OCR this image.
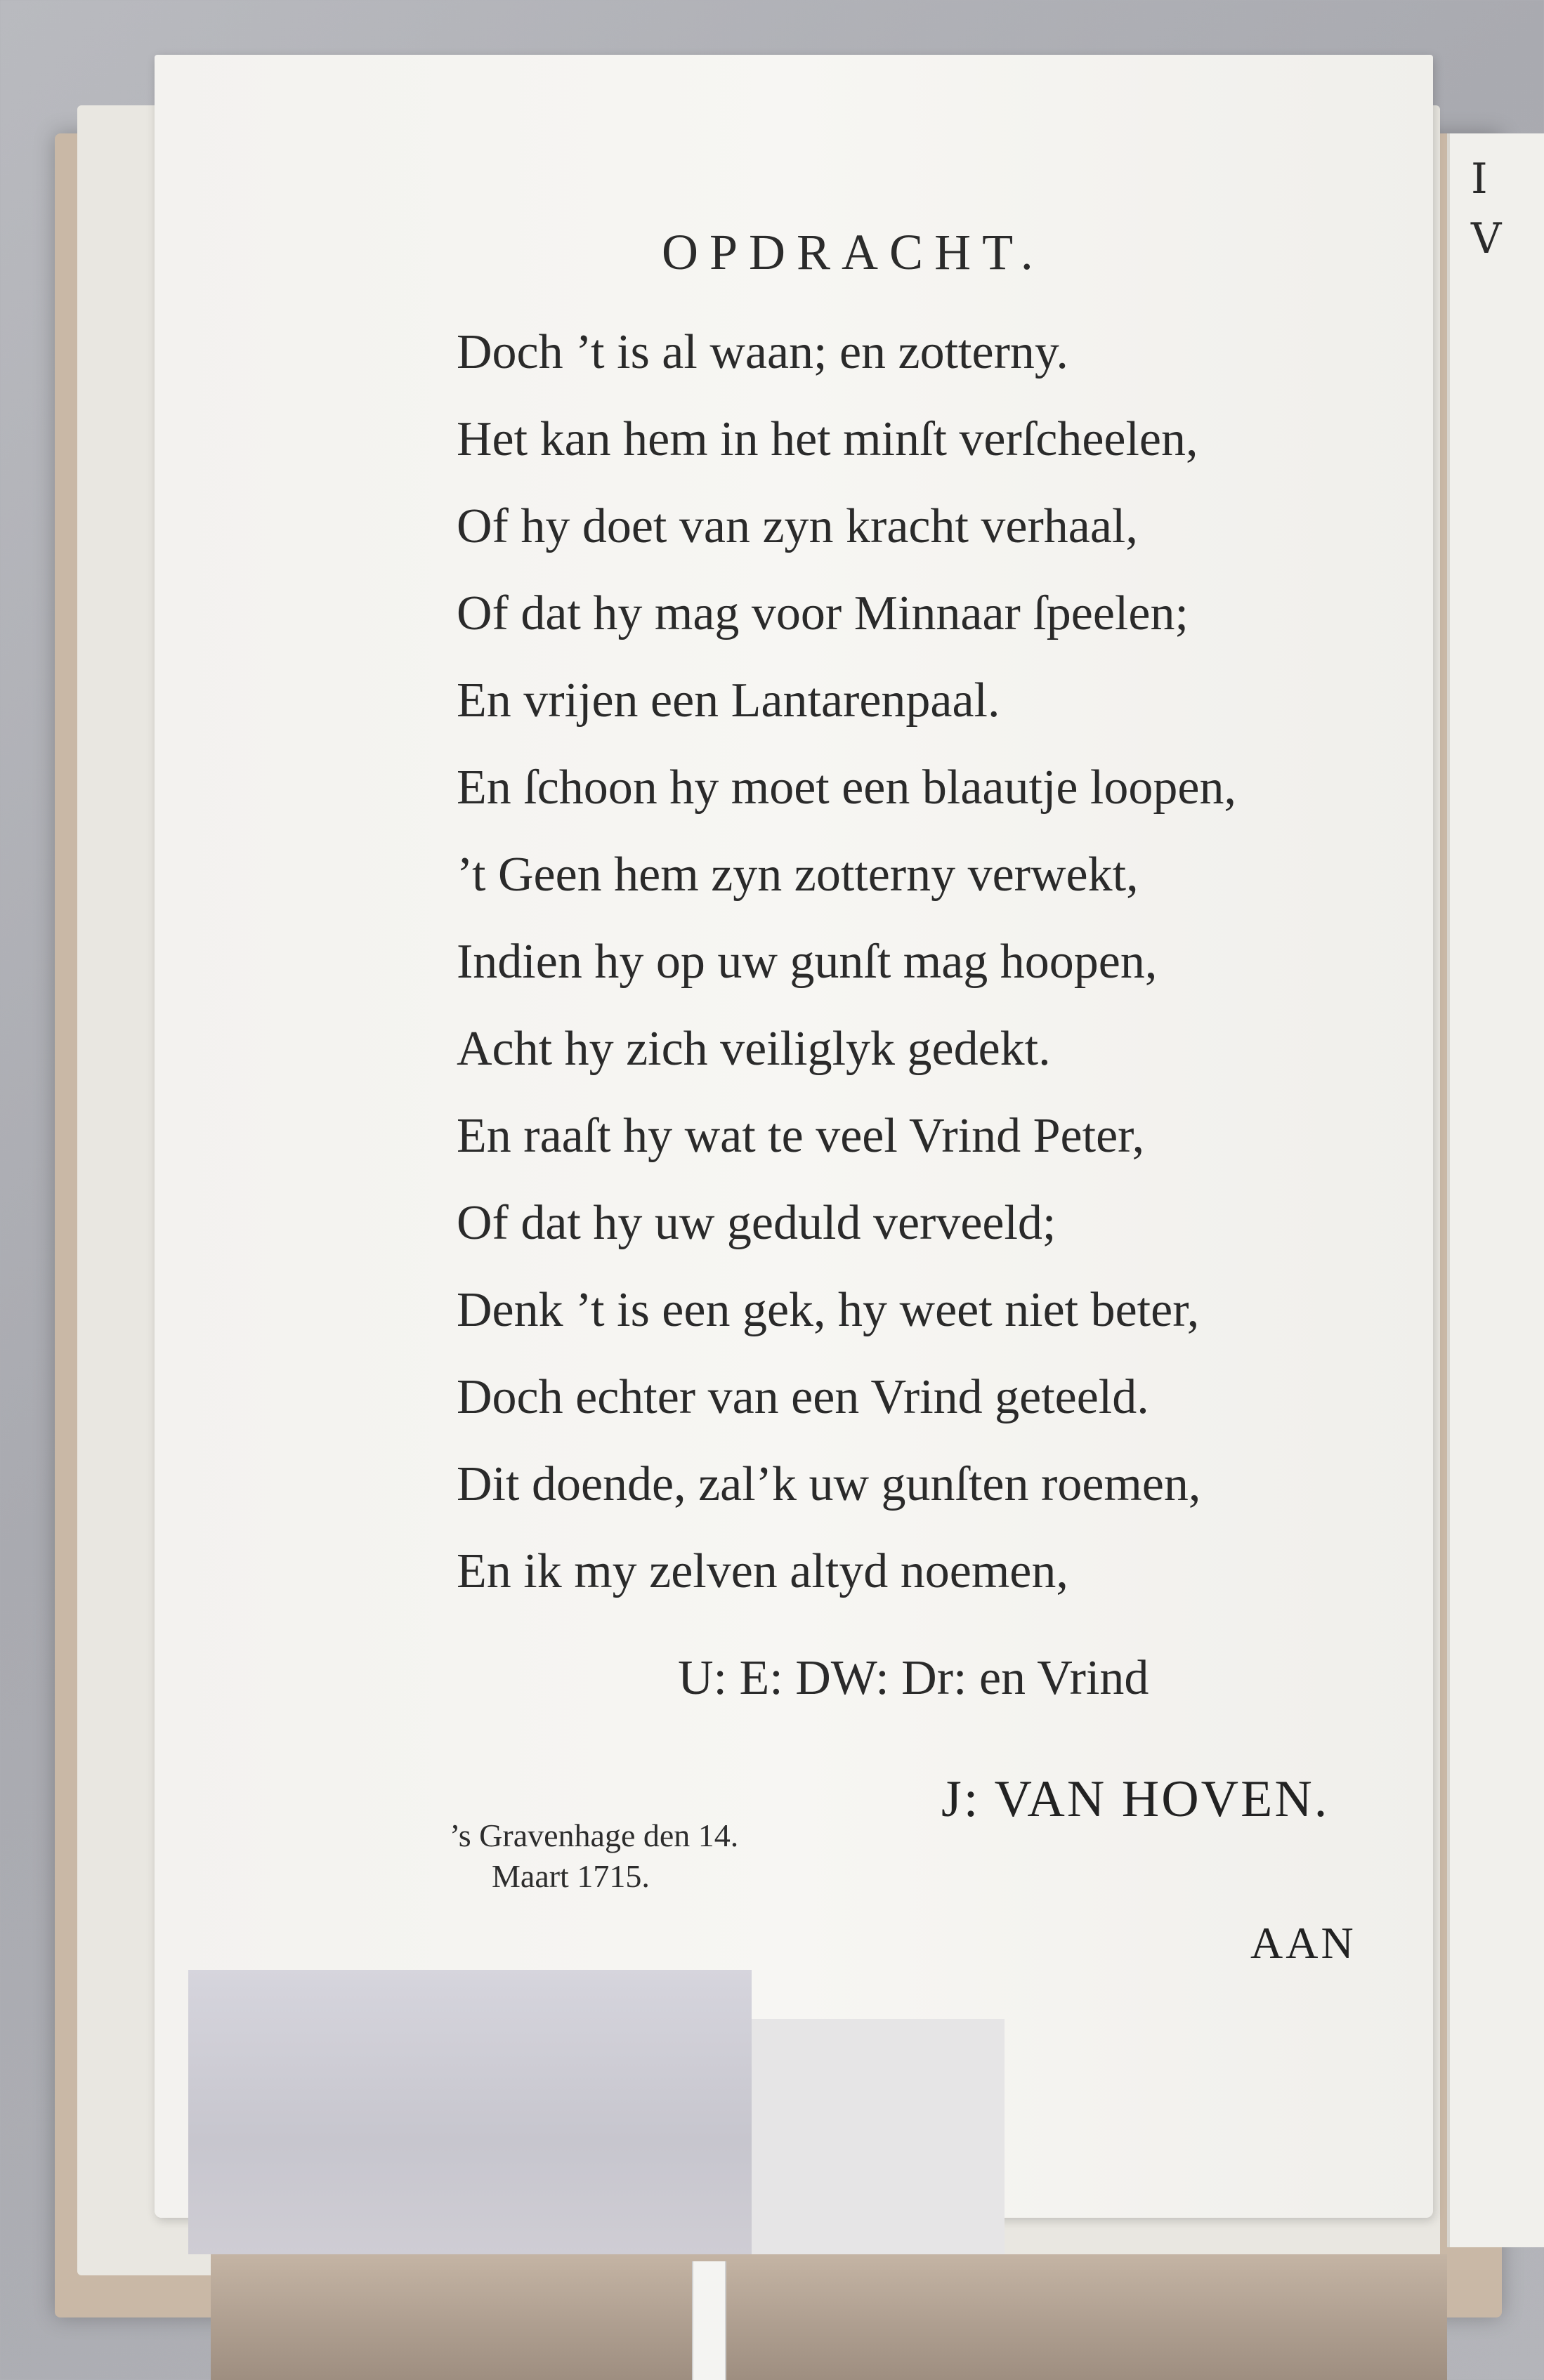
I
V
OPDRACHT.
Doch ’t is al waan; en zotterny.
Het kan hem in het minſt verſcheelen,
Of hy doet van zyn kracht verhaal,
Of dat hy mag voor Minnaar ſpeelen;
En vrijen een Lantarenpaal.
En ſchoon hy moet een blaautje loopen,
’t Geen hem zyn zotterny verwekt,
Indien hy op uw gunſt mag hoopen,
Acht hy zich veiliglyk gedekt.
En raaſt hy wat te veel Vrind Peter,
Of dat hy uw geduld verveeld;
Denk ’t is een gek, hy weet niet beter,
Doch echter van een Vrind geteeld.
Dit doende, zal’k uw gunſten roemen,
En ik my zelven altyd noemen,
U: E: DW: Dr: en Vrind
J: VAN HOVEN.
’s Gravenhage den 14.
Maart 1715.
AAN
